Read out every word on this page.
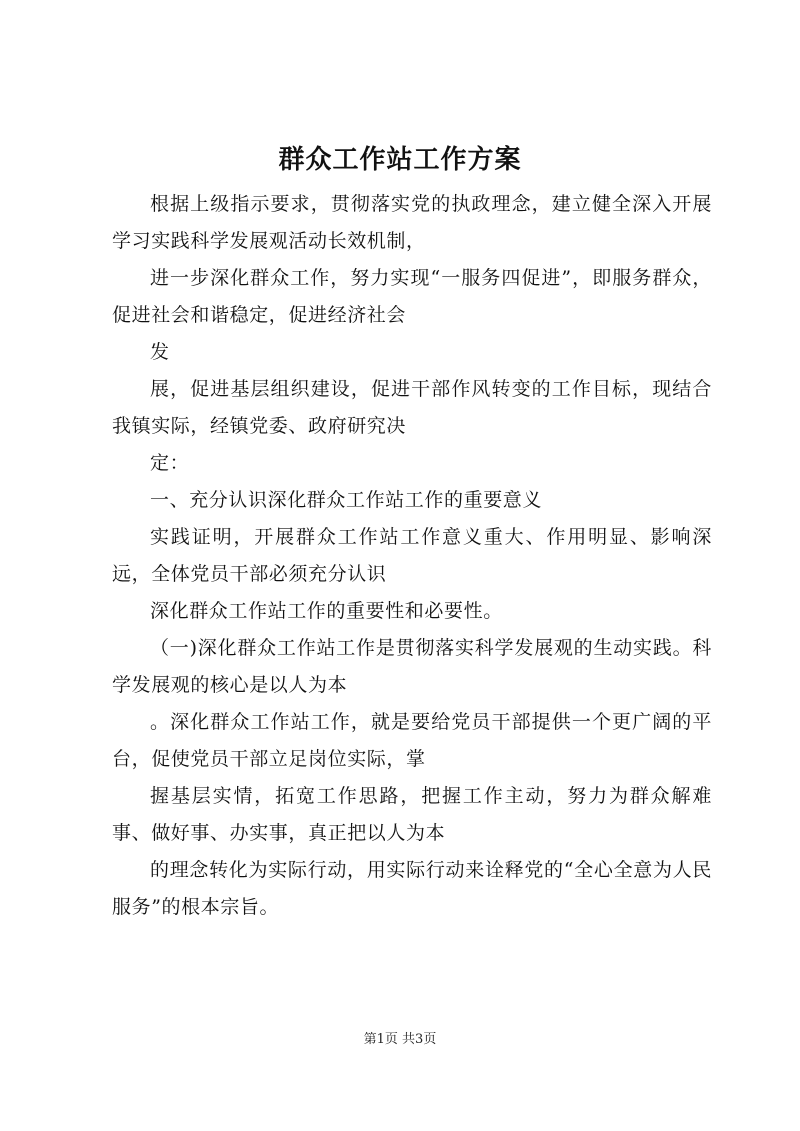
群众工作站工作方案

根据上级指示要求，贯彻落实党的执政理念，建立健全深入开展学习实践科学发展观活动长效机制，

进一步深化群众工作，努力实现“一服务四促进”，即服务群众，促进社会和谐稳定，促进经济社会

发

展，促进基层组织建设，促进干部作风转变的工作目标，现结合我镇实际，经镇党委、政府研究决

定：

一、充分认识深化群众工作站工作的重要意义

实践证明，开展群众工作站工作意义重大、作用明显、影响深远，全体党员干部必须充分认识

深化群众工作站工作的重要性和必要性。

（一)深化群众工作站工作是贯彻落实科学发展观的生动实践。科学发展观的核心是以人为本

。深化群众工作站工作，就是要给党员干部提供一个更广阔的平台，促使党员干部立足岗位实际，掌

握基层实情，拓宽工作思路，把握工作主动，努力为群众解难事、做好事、办实事，真正把以人为本

的理念转化为实际行动，用实际行动来诠释党的“全心全意为人民服务”的根本宗旨。

第1页 共3页
